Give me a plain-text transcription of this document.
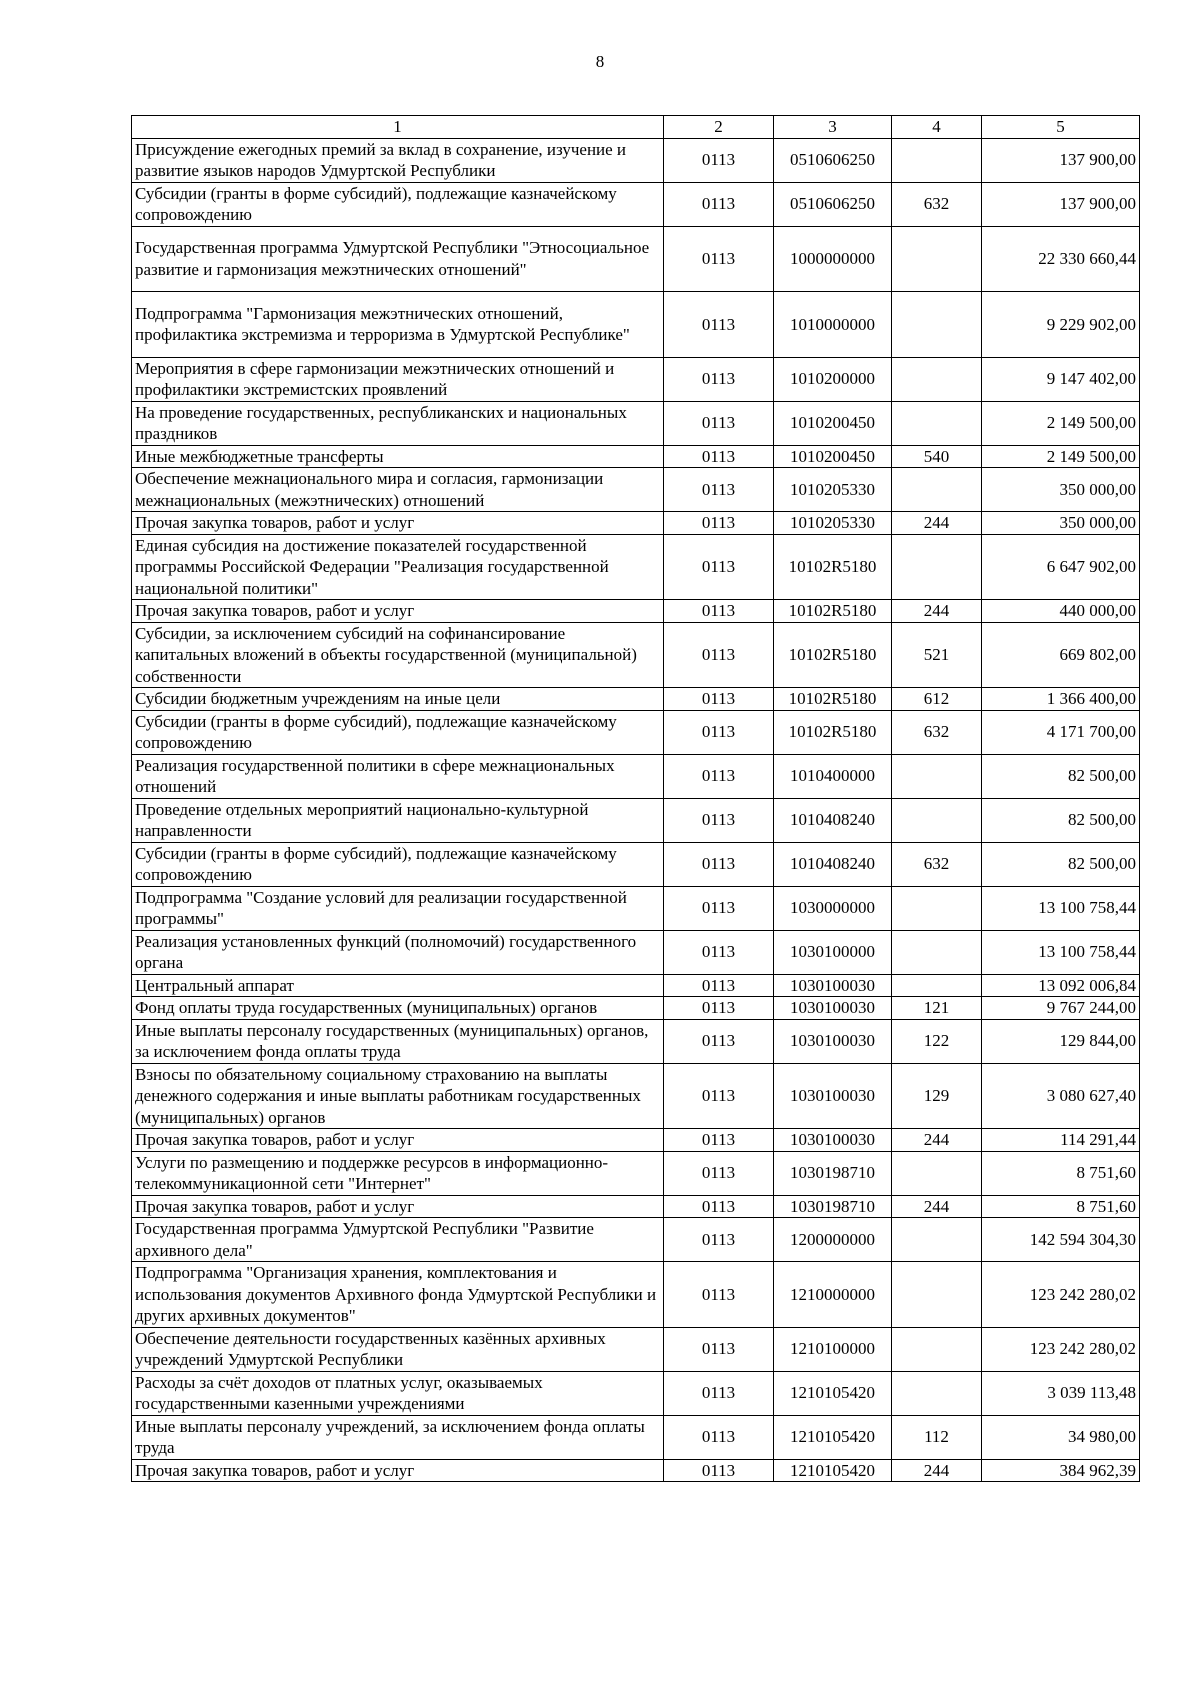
8
1	2	3	4	5
Присуждение ежегодных премий за вклад в сохранение, изучение и развитие языков народов Удмуртской Республики	0113	0510606250		137 900,00
Субсидии (гранты в форме субсидий), подлежащие казначейскому сопровождению	0113	0510606250	632	137 900,00
Государственная программа Удмуртской Республики "Этносоциальное развитие и гармонизация межэтнических отношений"	0113	1000000000		22 330 660,44
Подпрограмма "Гармонизация межэтнических отношений, профилактика экстремизма и терроризма в Удмуртской Республике"	0113	1010000000		9 229 902,00
Мероприятия в сфере гармонизации межэтнических отношений и профилактики экстремистских проявлений	0113	1010200000		9 147 402,00
На проведение государственных, республиканских и национальных праздников	0113	1010200450		2 149 500,00
Иные межбюджетные трансферты	0113	1010200450	540	2 149 500,00
Обеспечение межнационального мира и согласия, гармонизации межнациональных (межэтнических) отношений	0113	1010205330		350 000,00
Прочая закупка товаров, работ и услуг	0113	1010205330	244	350 000,00
Единая субсидия на достижение показателей государственной программы Российской Федерации "Реализация государственной национальной политики"	0113	10102R5180		6 647 902,00
Прочая закупка товаров, работ и услуг	0113	10102R5180	244	440 000,00
Субсидии, за исключением субсидий на софинансирование капитальных вложений в объекты государственной (муниципальной) собственности	0113	10102R5180	521	669 802,00
Субсидии бюджетным учреждениям на иные цели	0113	10102R5180	612	1 366 400,00
Субсидии (гранты в форме субсидий), подлежащие казначейскому сопровождению	0113	10102R5180	632	4 171 700,00
Реализация государственной политики в сфере межнациональных отношений	0113	1010400000		82 500,00
Проведение отдельных мероприятий национально-культурной направленности	0113	1010408240		82 500,00
Субсидии (гранты в форме субсидий), подлежащие казначейскому сопровождению	0113	1010408240	632	82 500,00
Подпрограмма "Создание условий для реализации государственной программы"	0113	1030000000		13 100 758,44
Реализация установленных функций (полномочий) государственного органа	0113	1030100000		13 100 758,44
Центральный аппарат	0113	1030100030		13 092 006,84
Фонд оплаты труда государственных (муниципальных) органов	0113	1030100030	121	9 767 244,00
Иные выплаты персоналу государственных (муниципальных) органов, за исключением фонда оплаты труда	0113	1030100030	122	129 844,00
Взносы по обязательному социальному страхованию на выплаты денежного содержания и иные выплаты работникам государственных (муниципальных) органов	0113	1030100030	129	3 080 627,40
Прочая закупка товаров, работ и услуг	0113	1030100030	244	114 291,44
Услуги по размещению и поддержке ресурсов в информационно-телекоммуникационной сети "Интернет"	0113	1030198710		8 751,60
Прочая закупка товаров, работ и услуг	0113	1030198710	244	8 751,60
Государственная программа Удмуртской Республики "Развитие архивного дела"	0113	1200000000		142 594 304,30
Подпрограмма "Организация хранения, комплектования и использования документов Архивного фонда Удмуртской Республики и других архивных документов"	0113	1210000000		123 242 280,02
Обеспечение деятельности государственных казённых архивных учреждений Удмуртской Республики	0113	1210100000		123 242 280,02
Расходы за счёт доходов от платных услуг, оказываемых государственными казенными учреждениями	0113	1210105420		3 039 113,48
Иные выплаты персоналу учреждений, за исключением фонда оплаты труда	0113	1210105420	112	34 980,00
Прочая закупка товаров, работ и услуг	0113	1210105420	244	384 962,39
